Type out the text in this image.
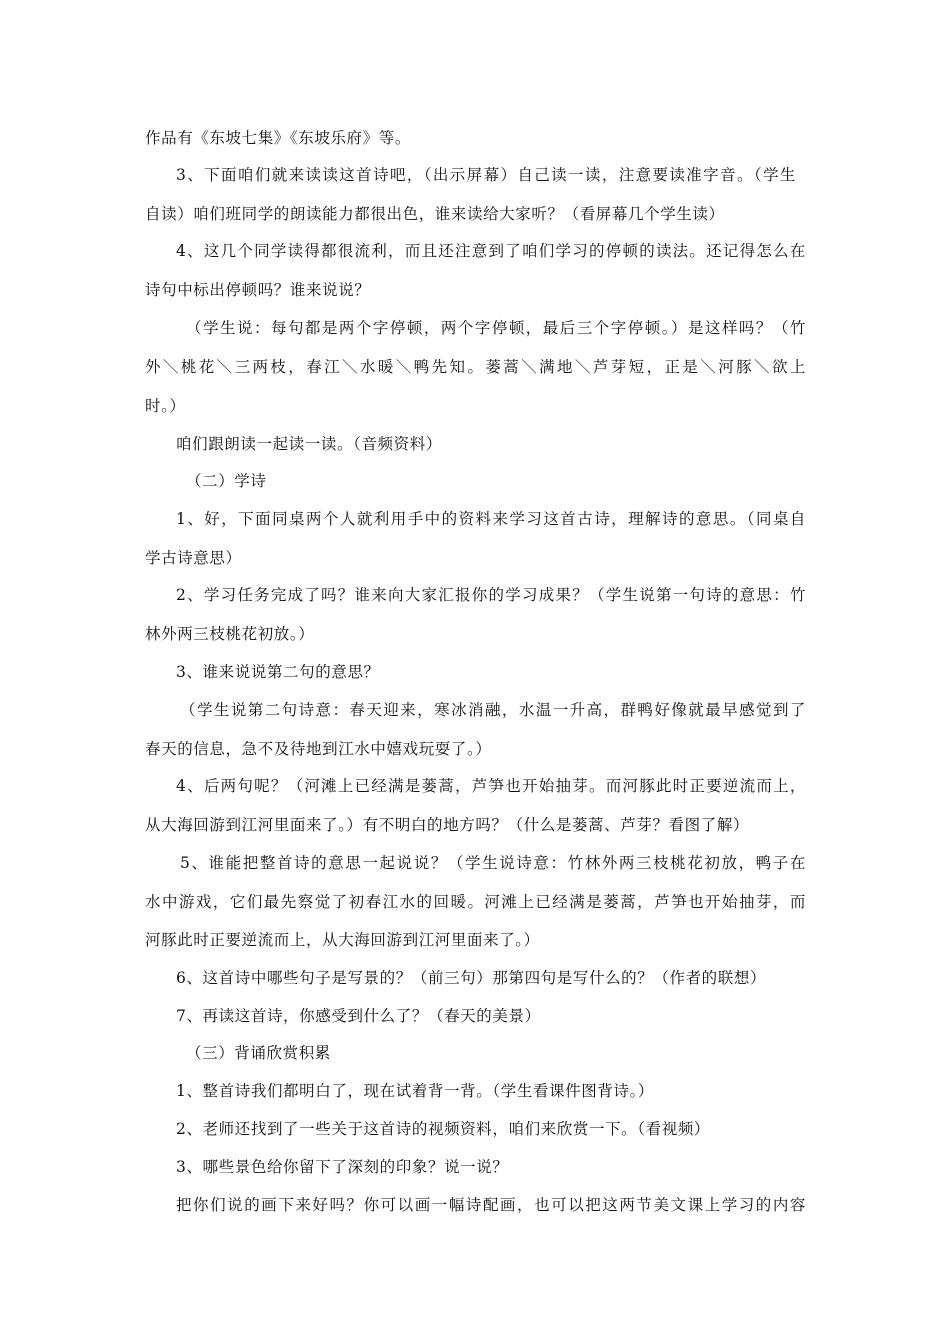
作品有《东坡七集》《东坡乐府》等。
3、下面咱们就来读读这首诗吧，（出示屏幕）自己读一读，注意要读准字音。（学生
自读）咱们班同学的朗读能力都很出色，谁来读给大家听？（看屏幕几个学生读）
4、这几个同学读得都很流利，而且还注意到了咱们学习的停顿的读法。还记得怎么在
诗句中标出停顿吗？谁来说说？
（学生说：每句都是两个字停顿，两个字停顿，最后三个字停顿。）是这样吗？（竹
外＼桃花＼三两枝，春江＼水暖＼鸭先知。蒌蒿＼满地＼芦芽短，正是＼河豚＼欲上
时。）
咱们跟朗读一起读一读。（音频资料）
（二）学诗
1、好，下面同桌两个人就利用手中的资料来学习这首古诗，理解诗的意思。（同桌自
学古诗意思）
2、学习任务完成了吗？谁来向大家汇报你的学习成果？（学生说第一句诗的意思：竹
林外两三枝桃花初放。）
3、谁来说说第二句的意思？
（学生说第二句诗意：春天迎来，寒冰消融，水温一升高，群鸭好像就最早感觉到了
春天的信息，急不及待地到江水中嬉戏玩耍了。）
4、后两句呢？（河滩上已经满是蒌蒿，芦笋也开始抽芽。而河豚此时正要逆流而上，
从大海回游到江河里面来了。）有不明白的地方吗？（什么是蒌蒿、芦芽？看图了解）
5、谁能把整首诗的意思一起说说？（学生说诗意：竹林外两三枝桃花初放，鸭子在
水中游戏，它们最先察觉了初春江水的回暖。河滩上已经满是蒌蒿，芦笋也开始抽芽，而
河豚此时正要逆流而上，从大海回游到江河里面来了。）
6、这首诗中哪些句子是写景的？（前三句）那第四句是写什么的？（作者的联想）
7、再读这首诗，你感受到什么了？（春天的美景）
（三）背诵欣赏积累
1、整首诗我们都明白了，现在试着背一背。（学生看课件图背诗。）
2、老师还找到了一些关于这首诗的视频资料，咱们来欣赏一下。（看视频）
3、哪些景色给你留下了深刻的印象？说一说？
把你们说的画下来好吗？你可以画一幅诗配画，也可以把这两节美文课上学习的内容
